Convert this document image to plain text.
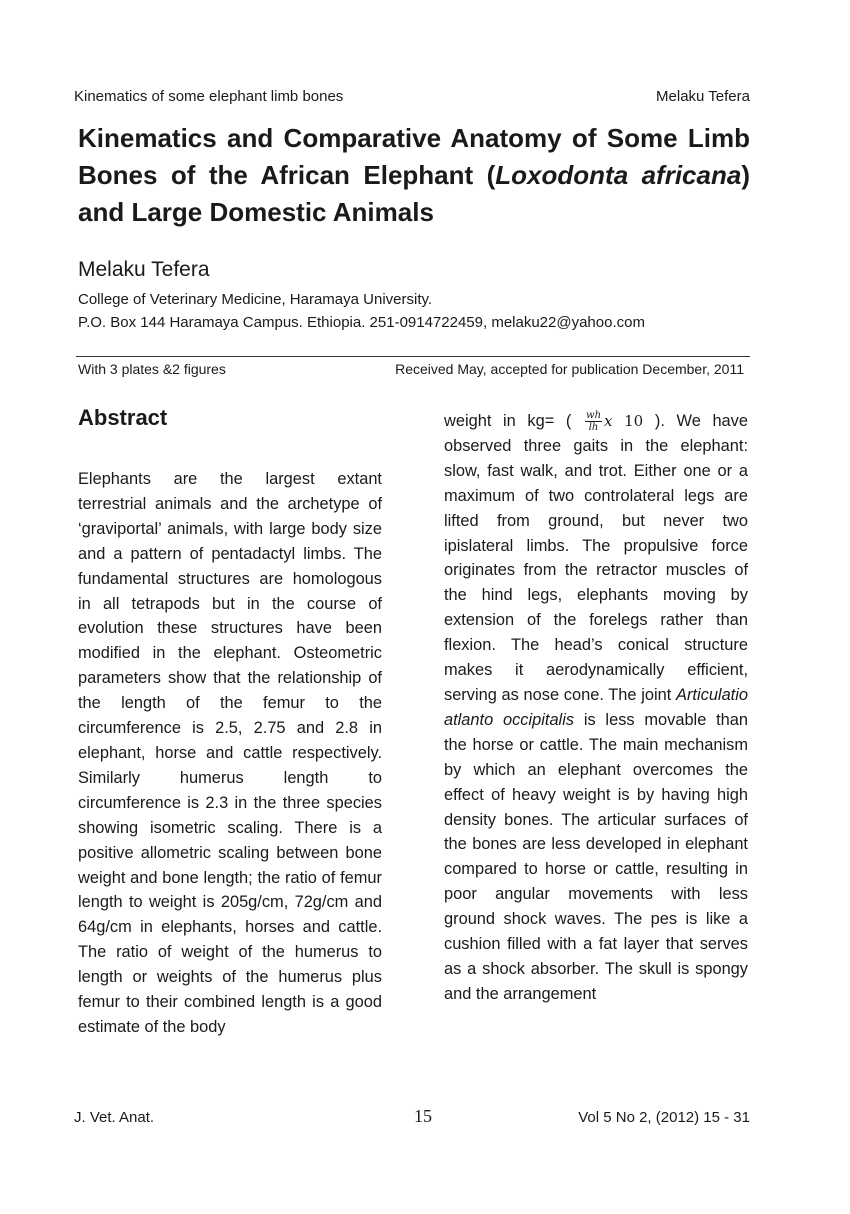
Kinematics of some elephant limb bones	Melaku Tefera
Kinematics and Comparative Anatomy of Some Limb Bones of the African Elephant (Loxodonta africana) and Large Domestic Animals
Melaku Tefera
College of Veterinary Medicine, Haramaya University.
P.O. Box 144 Haramaya Campus. Ethiopia. 251-0914722459, melaku22@yahoo.com
With 3 plates &2 figures	Received May, accepted for publication December, 2011
Abstract
Elephants are the largest extant terrestrial animals and the archetype of ‘graviportal’ animals, with large body size and a pattern of pentadactyl limbs. The fundamental structures are homologous in all tetrapods but in the course of evolution these structures have been modified in the elephant. Osteometric parameters show that the relationship of the length of the femur to the circumference is 2.5, 2.75 and 2.8 in elephant, horse and cattle respectively. Similarly humerus length to circumference is 2.3 in the three species showing isometric scaling. There is a positive allometric scaling between bone weight and bone length; the ratio of femur length to weight is 205g/cm, 72g/cm and 64g/cm in elephants, horses and cattle. The ratio of weight of the humerus to length or weights of the humerus plus femur to their combined length is a good estimate of the body
weight in kg= ( $\frac{wh}{lh}$ x 10 ). We have observed three gaits in the elephant: slow, fast walk, and trot. Either one or a maximum of two controlateral legs are lifted from ground, but never two ipislateral limbs. The propulsive force originates from the retractor muscles of the hind legs, elephants moving by extension of the forelegs rather than flexion. The head’s conical structure makes it aerodynamically efficient, serving as nose cone. The joint Articulatio atlanto occipitalis is less movable than the horse or cattle. The main mechanism by which an elephant overcomes the effect of heavy weight is by having high density bones. The articular surfaces of the bones are less developed in elephant compared to horse or cattle, resulting in poor angular movements with less ground shock waves. The pes is like a cushion filled with a fat layer that serves as a shock absorber. The skull is spongy and the arrangement
J. Vet. Anat.	15	Vol 5 No 2, (2012) 15 - 31
